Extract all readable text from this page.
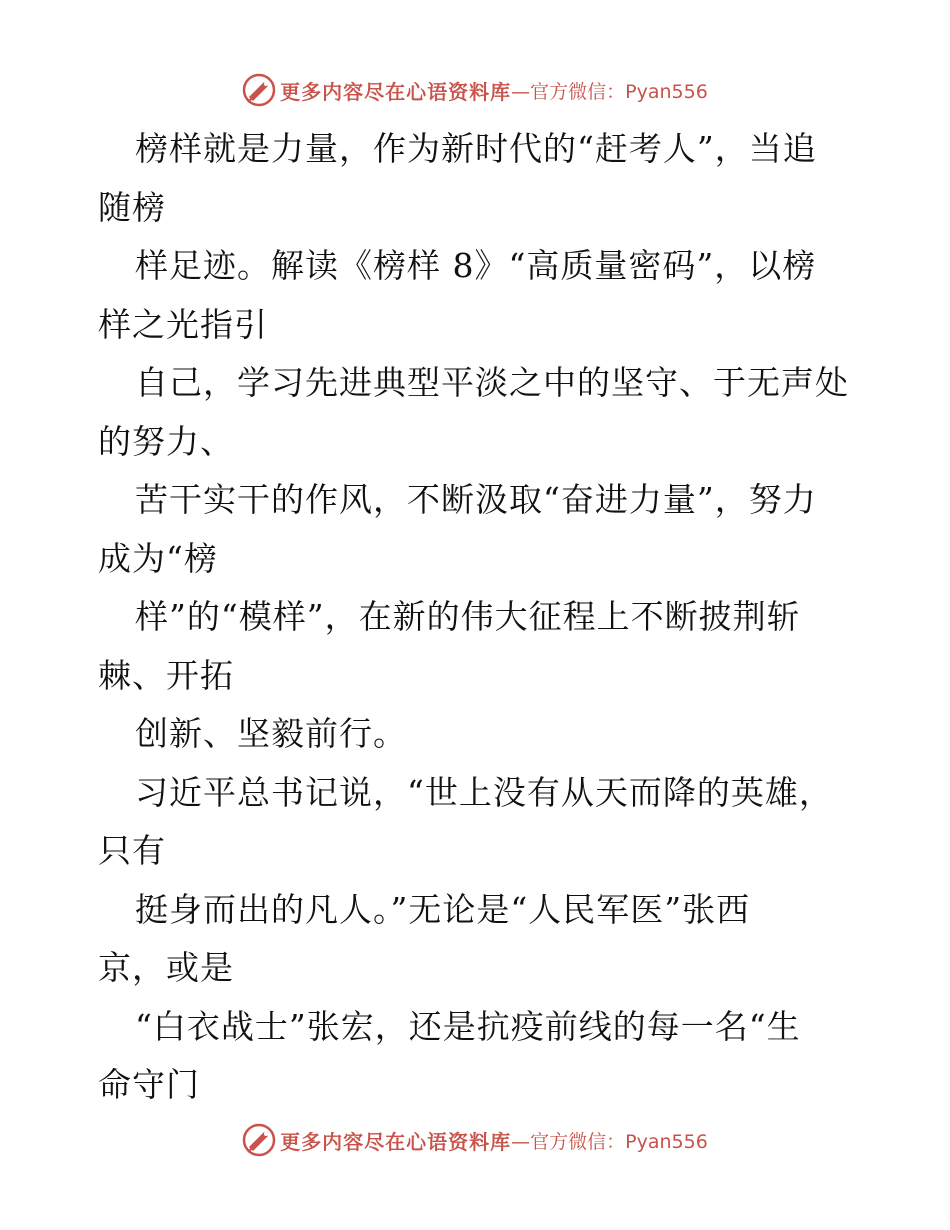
更多内容尽在心语资料库 —官方微信：Pyan556
榜样就是力量，作为新时代的“赶考人”，当追
随榜
样足迹。解读《榜样 8》“高质量密码”，以榜
样之光指引
自己，学习先进典型平淡之中的坚守、于无声处
的努力、
苦干实干的作风，不断汲取“奋进力量”，努力
成为“榜
样”的“模样”，在新的伟大征程上不断披荆斩
棘、开拓
创新、坚毅前行。
习近平总书记说，“世上没有从天而降的英雄，
只有
挺身而出的凡人。”无论是“人民军医”张西
京，或是
“白衣战士”张宏，还是抗疫前线的每一名“生
命守门
更多内容尽在心语资料库 —官方微信：Pyan556
